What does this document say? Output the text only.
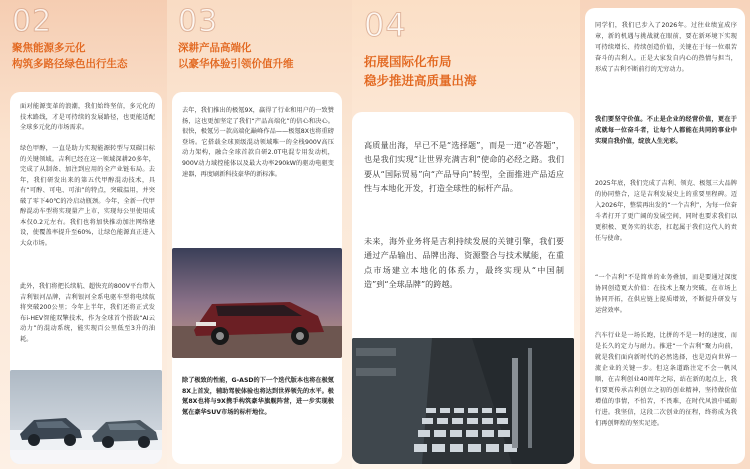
02
聚焦能源多元化
构筑多路径绿色出行生态

面对能源变革的浪潮，我们始终坚信，多元化的技术路线，才是可持续的发展路径，也更能适配全球多元化的市场需求。

绿色甲醇，一直是助力实现能源转型与双碳目标的关键领域。吉利已经在这一领域深耕20多年，完成了从制备、加注到应用的全产业链布局。去年，我们研发出来的第五代甲醇混动技术，具有“可醇、可电、可油”的特点，突破温用，并突破了零下40℃的冷启动瓶颈。今年，全新一代甲醇混动车型将实现量产上市，实现每公里使用成本仅0.2元左右。我们也将加快推动加注网络建设，使覆盖率提升至60%，让绿色能源真正进入大众市场。

此外，我们将把长续航、超快充的800V平台带入吉利银河品牌，吉利银河全系电驱车型将电续航将突破200公里；今年上半年，我们还将正式发布i-HEV智能双擎技术，作为全球首个搭载“AI云动力”的混动系统，能实现百公里低至3升的油耗。

03
深耕产品高端化
以豪华体验引领价值升维

去年，我们推出的极氪9X，赢得了行业和用户的一致赞扬，这也更加坚定了我们“产品高端化”的信心和决心。很快，极氪另一款高端化巅峰作品——极氪8X也将重磅登场。它搭载全球顶级混动领域唯一的全栈900V高压动力架构，融合全球首款自研2.0T电混专用发动机，900V动力域控能体以及最大功率290kW的驱动电驱变速器，再度刷新科技豪华的新标准。

除了极致的性能，G-ASD的下一个迭代版本也将在极氪8X上首发，辅助驾驶体验也将达到世界领先的水平。极氪8X也将与9X携手构筑豪华旗舰阵营，进一步实现极氪在豪华SUV市场的标杆地位。

04
拓展国际化布局
稳步推进高质量出海

高质量出海，早已不是“选择题”，而是一道“必答题”，也是我们实现“让世界充满吉利”使命的必经之路。我们要从“国际贸易”向“产品导向”转型，全面推进产品适应性与本地化开发，打造全球性的标杆产品。

未来，海外业务将是吉利持续发展的关键引擎，我们要通过产品输出、品牌出海、资源整合与技术赋能，在重点市场建立本地化的体系力，最终实现从“中国制造”到“全球品牌”的跨越。

同学们，我们已步入了2026年。过往业绩宣成序章，新的机遇与挑战就在眼前，要在新环境下实现可持续增长、持续创造价值，关键在于每一位艰苦奋斗的吉利人。正是大家发自内心的热情与担当，形成了吉利不断前行的无穷动力。

我们要坚守价值。不止是企业的经营价值，更在于成就每一位奋斗者，让每个人都能在共同的事业中实现自我价值，绽放人生光彩。

2025年底，我们完成了吉利、领克、极氪三大品牌的协同整合，这是吉利发展史上的重要里程碑。迈入2026年，整装再出发的“一个吉利”，为每一位奋斗者打开了更广阔的发展空间，同时也要求我们以更积极、更务实的状态，扛起属于我们这代人的责任与使命。

“一个吉利”不是简单的业务叠加，而是要通过深度协同创造更大价值：在技术上聚力突破，在市场上协同开拓，在供应链上提质增效，不断提升研发与运营效率。

汽车行业是一场长跑，比拼的不是一时的速度，而是长久的定力与耐力。推进“一个吉利”聚力向前，就是我们面向新时代的必然选择，也是迈向世界一流企业的关键一步。但这条道路注定不会一帆风顺，在吉利创业40周年之际，站在新的起点上，我们要更传承吉利创立之初的创业精神，坚持做价值增值的事情，不怕苦，不畏难，在时代风浪中砥砺行进。我坚信，这段二次创业的征程，终将成为我们再创辉煌的坚实足迹。
